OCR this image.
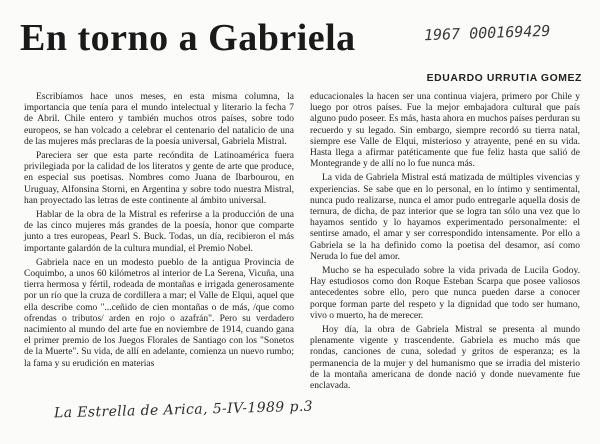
En torno a Gabriela	1967 000169429
EDUARDO URRUTIA GOMEZ

Escribíamos hace unos meses, en esta misma columna, la importancia que tenía para el mundo intelectual y literario la fecha 7 de Abril. Chile entero y también muchos otros países, sobre todo europeos, se han volcado a celebrar el centenario del natalicio de una de las mujeres más preclaras de la poesía universal, Gabriela Mistral.

Pareciera ser que esta parte recóndita de Latinoamérica fuera privilegiada por la calidad de los literatos y gente de arte que produce, en especial sus poetisas. Nombres como Juana de Ibarbourou, en Uruguay, Alfonsina Storni, en Argentina y sobre todo nuestra Mistral, han proyectado las letras de este continente al ámbito universal.

Hablar de la obra de la Mistral es referirse a la producción de una de las cinco mujeres más grandes de la poesía, honor que comparte junto a tres europeas, Pearl S. Buck. Todas, un día, recibieron el más importante galardón de la cultura mundial, el Premio Nobel.

Gabriela nace en un modesto pueblo de la antigua Provincia de Coquimbo, a unos 60 kilómetros al interior de La Serena, Vicuña, una tierra hermosa y fértil, rodeada de montañas e irrigada generosamente por un río que la cruza de cordillera a mar; el Valle de Elqui, aquel que ella describe como "...ceñido de cien montañas o de más, /que como ofrendas o tributos/ arden en rojo o azafrán". Pero su verdadero nacimiento al mundo del arte fue en noviembre de 1914, cuando gana el primer premio de los Juegos Florales de Santiago con los "Sonetos de la Muerte". Su vida, de allí en adelante, comienza un nuevo rumbo; la fama y su erudición en materias

educacionales la hacen ser una continua viajera, primero por Chile y luego por otros países. Fue la mejor embajadora cultural que país alguno pudo poseer. Es más, hasta ahora en muchos países perduran su recuerdo y su legado. Sin embargo, siempre recordó su tierra natal, siempre ese Valle de Elqui, misterioso y atrayente, pené en su vida. Hasta llega a afirmar patéticamente que fue feliz hasta que salió de Montegrande y de allí no lo fue nunca más.

La vida de Gabriela Mistral está matizada de múltiples vivencias y experiencias. Se sabe que en lo personal, en lo íntimo y sentimental, nunca pudo realizarse, nunca el amor pudo entregarle aquella dosis de ternura, de dicha, de paz interior que se logra tan sólo una vez que lo hayamos sentido y lo hayamos experimentado personalmente: el sentirse amado, el amar y ser correspondido intensamente. Por ello a Gabriela se la ha definido como la poetisa del desamor, así como Neruda lo fue del amor.

Mucho se ha especulado sobre la vida privada de Lucila Godoy. Hay estudiosos como don Roque Esteban Scarpa que posee valiosos antecedentes sobre ello, pero que nunca pueden darse a conocer porque forman parte del respeto y la dignidad que todo ser humano, vivo o muerto, ha de merecer.

Hoy día, la obra de Gabriela Mistral se presenta al mundo plenamente vigente y trascendente. Gabriela es mucho más que rondas, canciones de cuna, soledad y gritos de esperanza; es la permanencia de la mujer y del humanismo que se irradia del misterio de la montaña americana de donde nació y donde nuevamente fue enclavada.

La Estrella de Arica, 5-IV-1989 p.3
